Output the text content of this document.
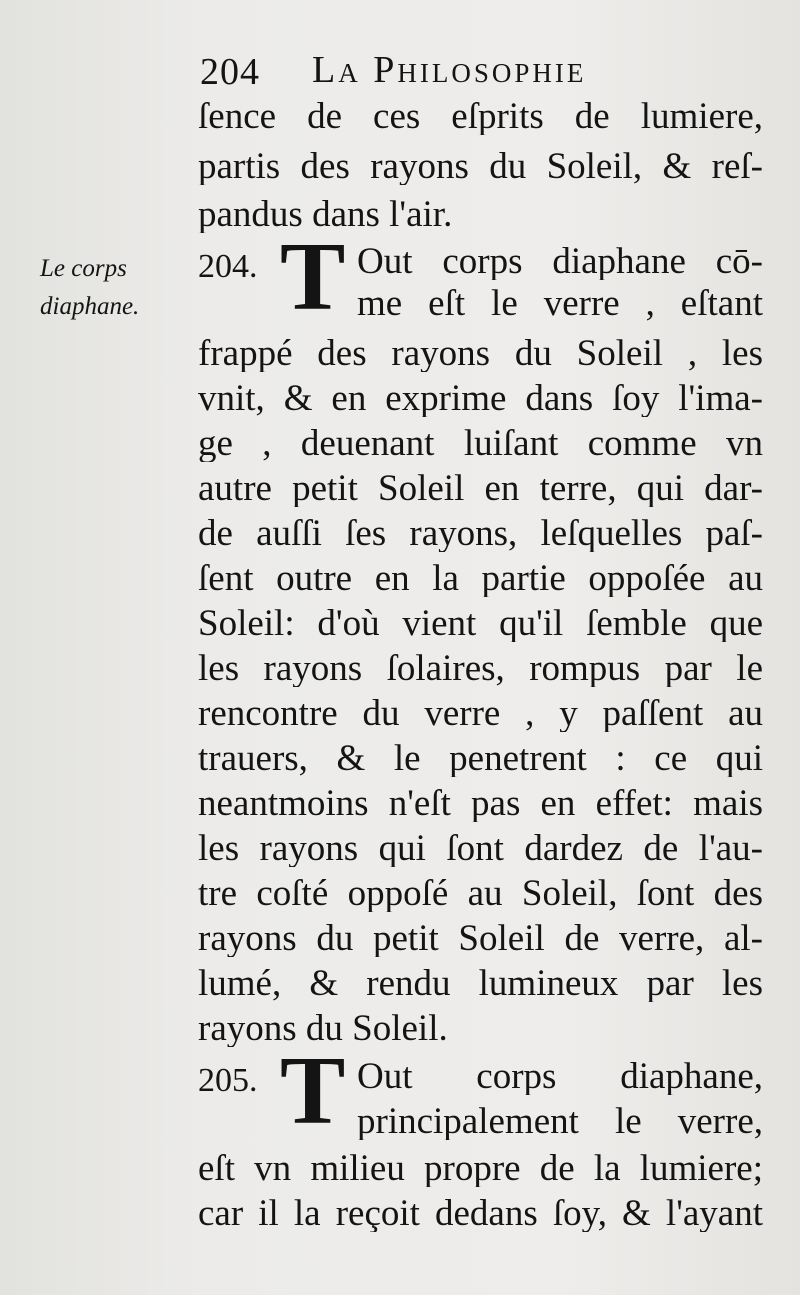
204 La Philosophie
Le corps
diaphane.
ſence de ces eſprits de lumiere,
partis des rayons du Soleil, & reſ-
pandus dans l'air.
204. T Out corps diaphane cō-
me eſt le verre , eſtant
frappé des rayons du Soleil , les
vnit, & en exprime dans ſoy l'ima-
ge , deuenant luiſant comme vn
autre petit Soleil en terre, qui dar-
de auſſi ſes rayons, leſquelles paſ-
ſent outre en la partie oppoſée au
Soleil: d'où vient qu'il ſemble que
les rayons ſolaires, rompus par le
rencontre du verre , y paſſent au
trauers, & le penetrent : ce qui
neantmoins n'eſt pas en effet: mais
les rayons qui ſont dardez de l'au-
tre coſté oppoſé au Soleil, ſont des
rayons du petit Soleil de verre, al-
lumé, & rendu lumineux par les
rayons du Soleil.
205. T Out corps diaphane,
principalement le verre,
eſt vn milieu propre de la lumiere;
car il la reçoit dedans ſoy, & l'ayant
